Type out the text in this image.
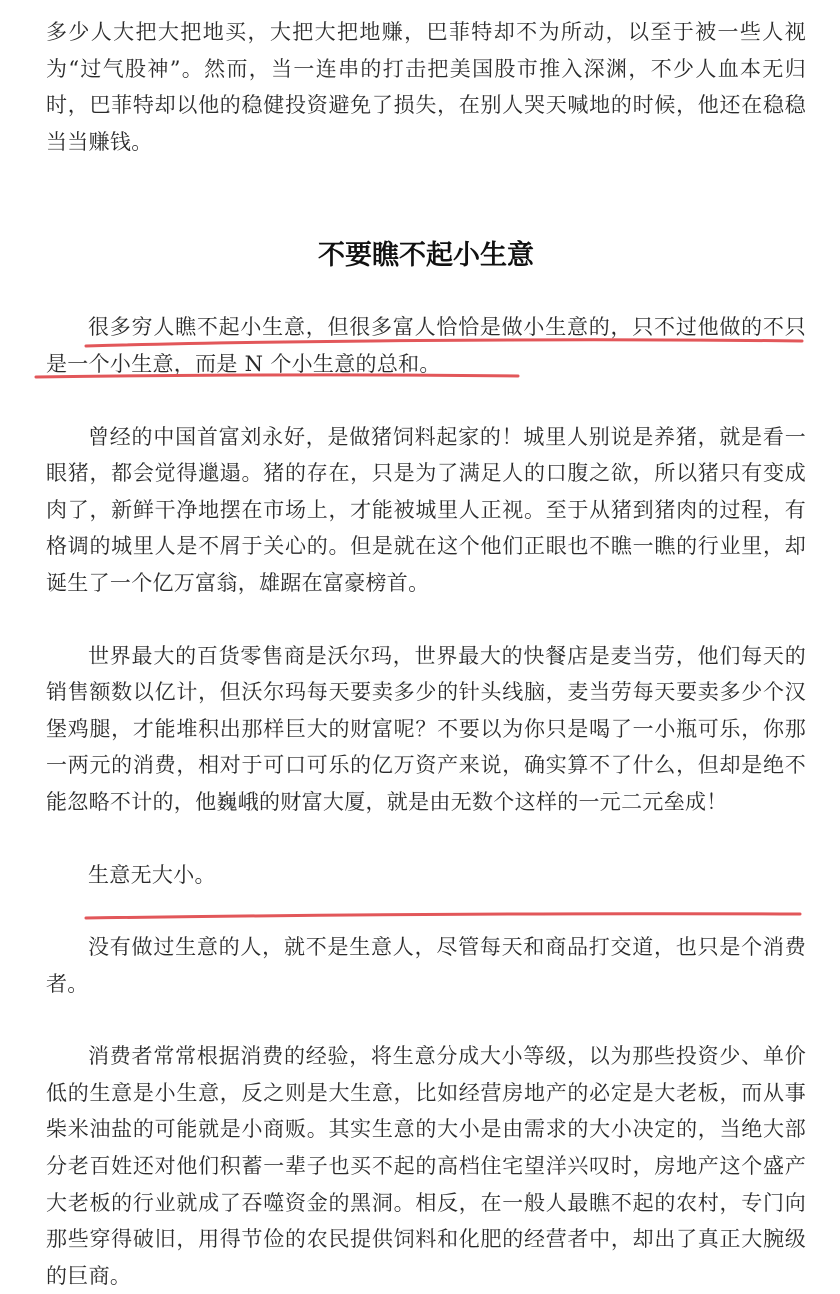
多少人大把大把地买，大把大把地赚，巴菲特却不为所动，以至于被一些人视为“过气股神”。然而，当一连串的打击把美国股市推入深渊，不少人血本无归时，巴菲特却以他的稳健投资避免了损失，在别人哭天喊地的时候，他还在稳稳当当赚钱。

不要瞧不起小生意

很多穷人瞧不起小生意，但很多富人恰恰是做小生意的，只不过他做的不只是一个小生意，而是 N 个小生意的总和。

曾经的中国首富刘永好，是做猪饲料起家的！城里人别说是养猪，就是看一眼猪，都会觉得邋遢。猪的存在，只是为了满足人的口腹之欲，所以猪只有变成肉了，新鲜干净地摆在市场上，才能被城里人正视。至于从猪到猪肉的过程，有格调的城里人是不屑于关心的。但是就在这个他们正眼也不瞧一瞧的行业里，却诞生了一个亿万富翁，雄踞在富豪榜首。

世界最大的百货零售商是沃尔玛，世界最大的快餐店是麦当劳，他们每天的销售额数以亿计，但沃尔玛每天要卖多少的针头线脑，麦当劳每天要卖多少个汉堡鸡腿，才能堆积出那样巨大的财富呢？不要以为你只是喝了一小瓶可乐，你那一两元的消费，相对于可口可乐的亿万资产来说，确实算不了什么，但却是绝不能忽略不计的，他巍峨的财富大厦，就是由无数个这样的一元二元垒成！

生意无大小。

没有做过生意的人，就不是生意人，尽管每天和商品打交道，也只是个消费者。

消费者常常根据消费的经验，将生意分成大小等级，以为那些投资少、单价低的生意是小生意，反之则是大生意，比如经营房地产的必定是大老板，而从事柴米油盐的可能就是小商贩。其实生意的大小是由需求的大小决定的，当绝大部分老百姓还对他们积蓄一辈子也买不起的高档住宅望洋兴叹时，房地产这个盛产大老板的行业就成了吞噬资金的黑洞。相反，在一般人最瞧不起的农村，专门向那些穿得破旧，用得节俭的农民提供饲料和化肥的经营者中，却出了真正大腕级的巨商。
